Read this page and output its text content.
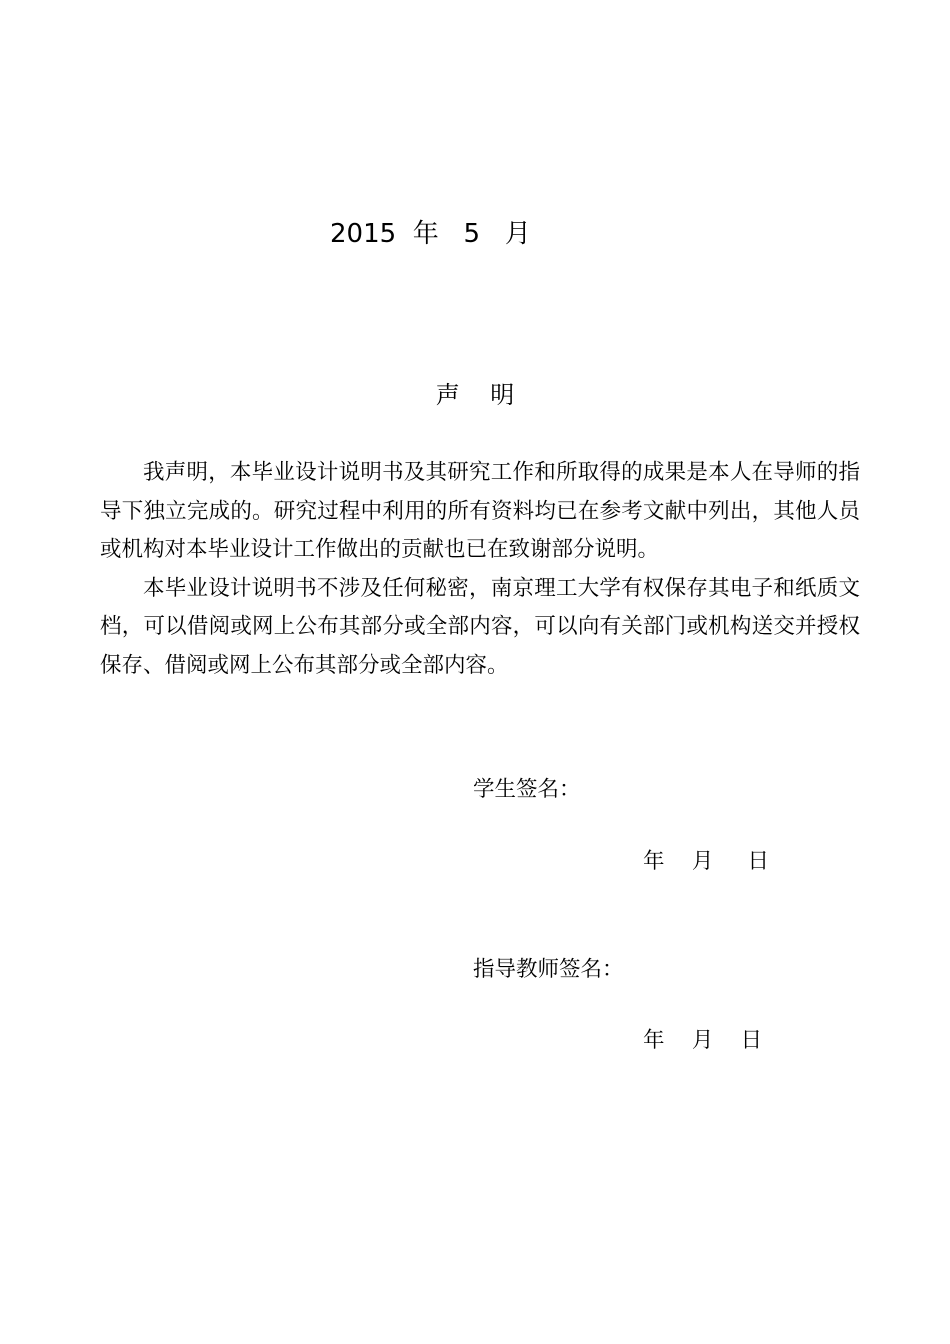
2015  年   5   月
声    明

我声明，本毕业设计说明书及其研究工作和所取得的成果是本人在导师的指导下独立完成的。研究过程中利用的所有资料均已在参考文献中列出，其他人员或机构对本毕业设计工作做出的贡献也已在致谢部分说明。

本毕业设计说明书不涉及任何秘密，南京理工大学有权保存其电子和纸质文档，可以借阅或网上公布其部分或全部内容，可以向有关部门或机构送交并授权保存、借阅或网上公布其部分或全部内容。

学生签名：
年    月     日
指导教师签名：
年    月    日
